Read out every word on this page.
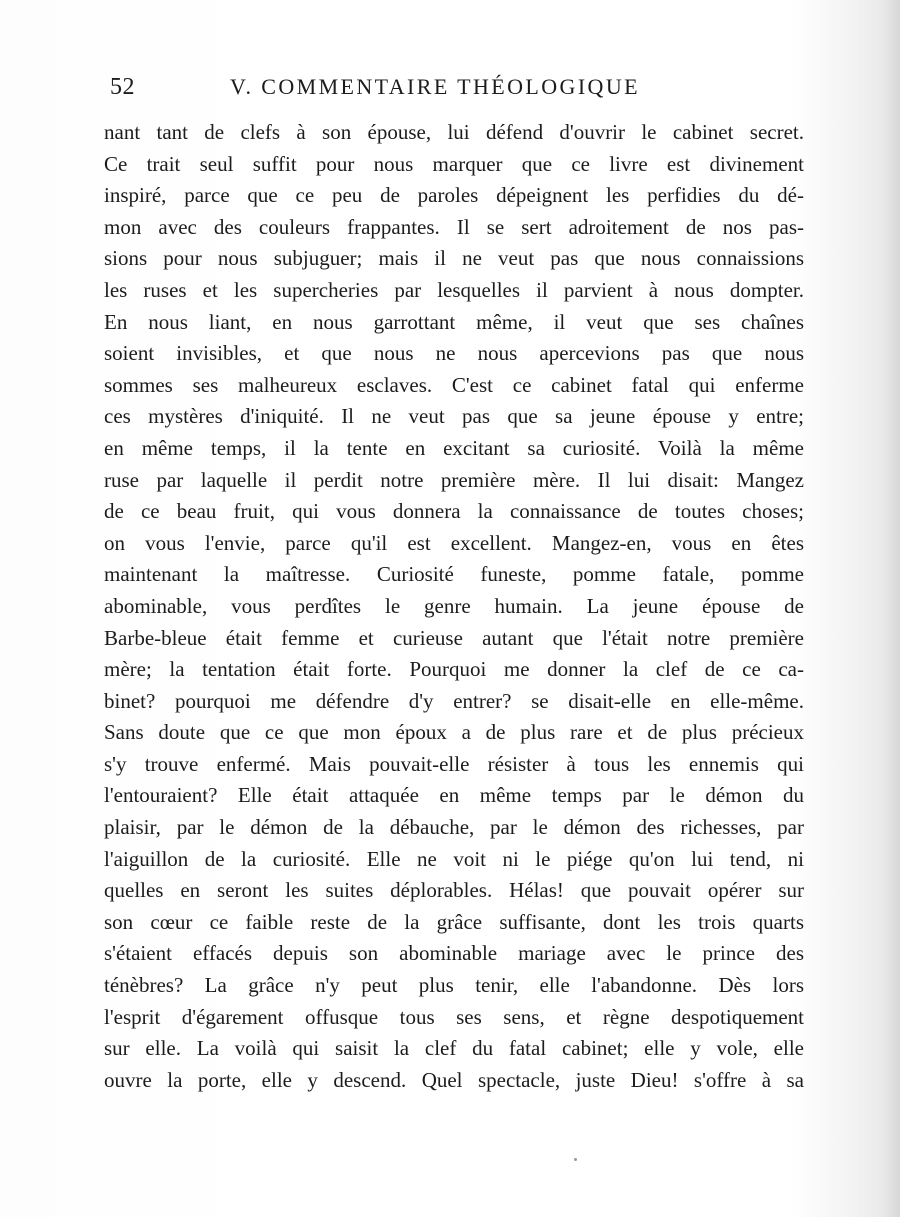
52	V. COMMENTAIRE THÉOLOGIQUE
nant tant de clefs à son épouse, lui défend d'ouvrir le cabinet secret.
Ce trait seul suffit pour nous marquer que ce livre est divinement
inspiré, parce que ce peu de paroles dépeignent les perfidies du dé-
mon avec des couleurs frappantes. Il se sert adroitement de nos pas-
sions pour nous subjuguer; mais il ne veut pas que nous connaissions
les ruses et les supercheries par lesquelles il parvient à nous dompter.
En nous liant, en nous garrottant même, il veut que ses chaînes
soient invisibles, et que nous ne nous apercevions pas que nous
sommes ses malheureux esclaves. C'est ce cabinet fatal qui enferme
ces mystères d'iniquité. Il ne veut pas que sa jeune épouse y entre;
en même temps, il la tente en excitant sa curiosité. Voilà la même
ruse par laquelle il perdit notre première mère. Il lui disait: Mangez
de ce beau fruit, qui vous donnera la connaissance de toutes choses;
on vous l'envie, parce qu'il est excellent. Mangez-en, vous en êtes
maintenant la maîtresse. Curiosité funeste, pomme fatale, pomme
abominable, vous perdîtes le genre humain. La jeune épouse de
Barbe-bleue était femme et curieuse autant que l'était notre première
mère; la tentation était forte. Pourquoi me donner la clef de ce ca-
binet? pourquoi me défendre d'y entrer? se disait-elle en elle-même.
Sans doute que ce que mon époux a de plus rare et de plus précieux
s'y trouve enfermé. Mais pouvait-elle résister à tous les ennemis qui
l'entouraient? Elle était attaquée en même temps par le démon du
plaisir, par le démon de la débauche, par le démon des richesses, par
l'aiguillon de la curiosité. Elle ne voit ni le piége qu'on lui tend, ni
quelles en seront les suites déplorables. Hélas! que pouvait opérer sur
son cœur ce faible reste de la grâce suffisante, dont les trois quarts
s'étaient effacés depuis son abominable mariage avec le prince des
ténèbres? La grâce n'y peut plus tenir, elle l'abandonne. Dès lors
l'esprit d'égarement offusque tous ses sens, et règne despotiquement
sur elle. La voilà qui saisit la clef du fatal cabinet; elle y vole, elle
ouvre la porte, elle y descend. Quel spectacle, juste Dieu! s'offre à sa
